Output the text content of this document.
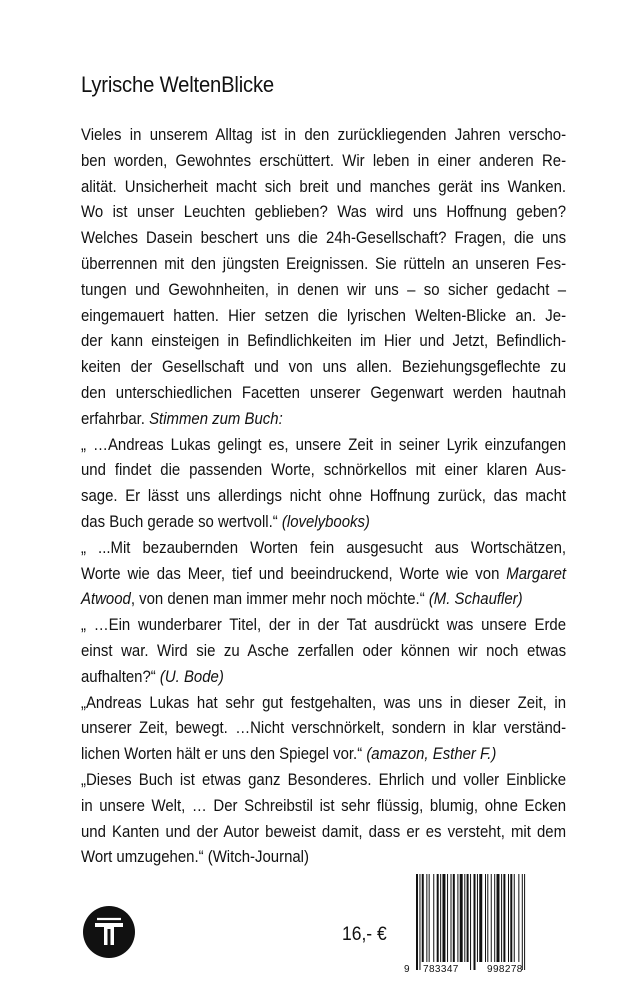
Lyrische WeltenBlicke
Vieles in unserem Alltag ist in den zurückliegenden Jahren verscho-
ben worden, Gewohntes erschüttert. Wir leben in einer anderen Re-
alität. Unsicherheit macht sich breit und manches gerät ins Wanken.
Wo ist unser Leuchten geblieben? Was wird uns Hoffnung geben?
Welches Dasein beschert uns die 24h-Gesellschaft? Fragen, die uns
überrennen mit den jüngsten Ereignissen. Sie rütteln an unseren Fes-
tungen und Gewohnheiten, in denen wir uns – so sicher gedacht –
eingemauert hatten. Hier setzen die lyrischen Welten-Blicke an. Je-
der kann einsteigen in Befindlichkeiten im Hier und Jetzt, Befindlich-
keiten der Gesellschaft und von uns allen. Beziehungsgeflechte zu
den unterschiedlichen Facetten unserer Gegenwart werden hautnah
erfahrbar. Stimmen zum Buch:
„ …Andreas Lukas gelingt es, unsere Zeit in seiner Lyrik einzufangen
und findet die passenden Worte, schnörkellos mit einer klaren Aus-
sage. Er lässt uns allerdings nicht ohne Hoffnung zurück, das macht
das Buch gerade so wertvoll.“ (lovelybooks)
„ ...Mit bezaubernden Worten fein ausgesucht aus Wortschätzen,
Worte wie das Meer, tief und beeindruckend, Worte wie von Margaret
Atwood, von denen man immer mehr noch möchte.“ (M. Schaufler)
„ …Ein wunderbarer Titel, der in der Tat ausdrückt was unsere Erde
einst war. Wird sie zu Asche zerfallen oder können wir noch etwas
aufhalten?“ (U. Bode)
„Andreas Lukas hat sehr gut festgehalten, was uns in dieser Zeit, in
unserer Zeit, bewegt. …Nicht verschnörkelt, sondern in klar verständ-
lichen Worten hält er uns den Spiegel vor.“ (amazon, Esther F.)
„Dieses Buch ist etwas ganz Besonderes. Ehrlich und voller Einblicke
in unsere Welt, … Der Schreibstil ist sehr flüssig, blumig, ohne Ecken
und Kanten und der Autor beweist damit, dass er es versteht, mit dem
Wort umzugehen.“ (Witch-Journal)
16,- €
9 783347	998278
